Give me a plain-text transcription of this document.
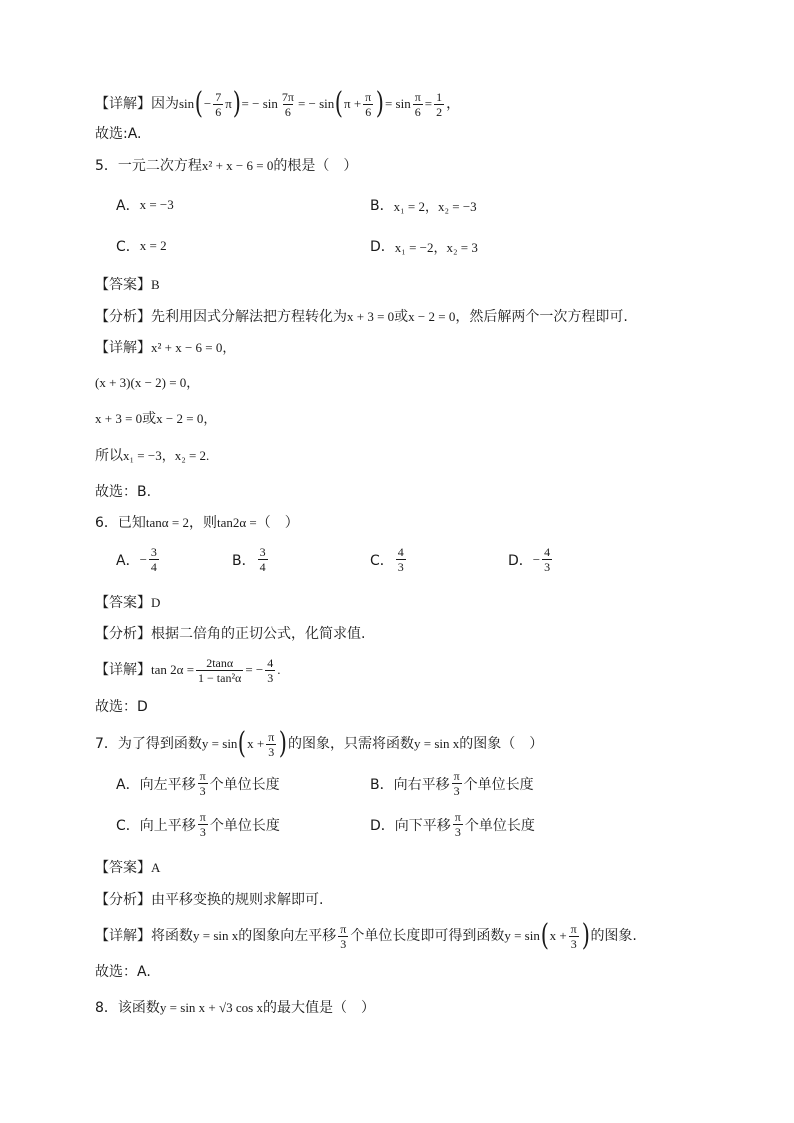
【详解】 因为 sin ( − $\frac{7}{6}$ π ) = − $\sin \frac{7\pi}{6}$ = − sin ( $\pi + \frac{\pi}{6}$ ) = $\sin \frac{\pi}{6} = \frac{1}{2}$ ，
故选:A.
5．一元二次方程 x² + x − 6 = 0 的根是（　）
A． x = −3	B． x₁ = 2，x₂ = −3
C． x = 2	D． x₁ = −2，x₂ = 3
【答案】 B
【分析】 先利用因式分解法把方程转化为 x + 3 = 0 或 x − 2 = 0 ，然后解两个一次方程即可.
【详解】 x² + x − 6 = 0，
(x + 3)(x − 2) = 0，
x + 3 = 0 或 x − 2 = 0，
所以 x₁ = −3，x₂ = 2.
故选：B.
6．已知 tanα = 2 ，则 tan2α = （　）
A． − $\frac{3}{4}$	B． $\frac{3}{4}$	C． $\frac{4}{3}$	D． − $\frac{4}{3}$
【答案】 D
【分析】 根据二倍角的正切公式，化简求值.
【详解】 $\tan 2\alpha = \frac{2\tan\alpha}{\text{1 − tan²α}}$ = − $\frac{4}{3}$ .
故选：D
7．为了得到函数 y = sin ( $x + \frac{\pi}{3}$ ) 的图象，只需将函数 y = sin x 的图象（　）
A． 向左平移 $\frac{\pi}{3}$ 个单位长度	B． 向右平移 $\frac{\pi}{3}$ 个单位长度
C． 向上平移 $\frac{\pi}{3}$ 个单位长度	D． 向下平移 $\frac{\pi}{3}$ 个单位长度
【答案】 A
【分析】 由平移变换的规则求解即可.
【详解】 将函数 y = sin x 的图象向左平移 $\frac{\pi}{3}$ 个单位长度即可得到函数 y = sin ( $x + \frac{\pi}{3}$ ) 的图象.
故选：A.
8．该函数 y = sin x + √3 cos x 的最大值是（　）
